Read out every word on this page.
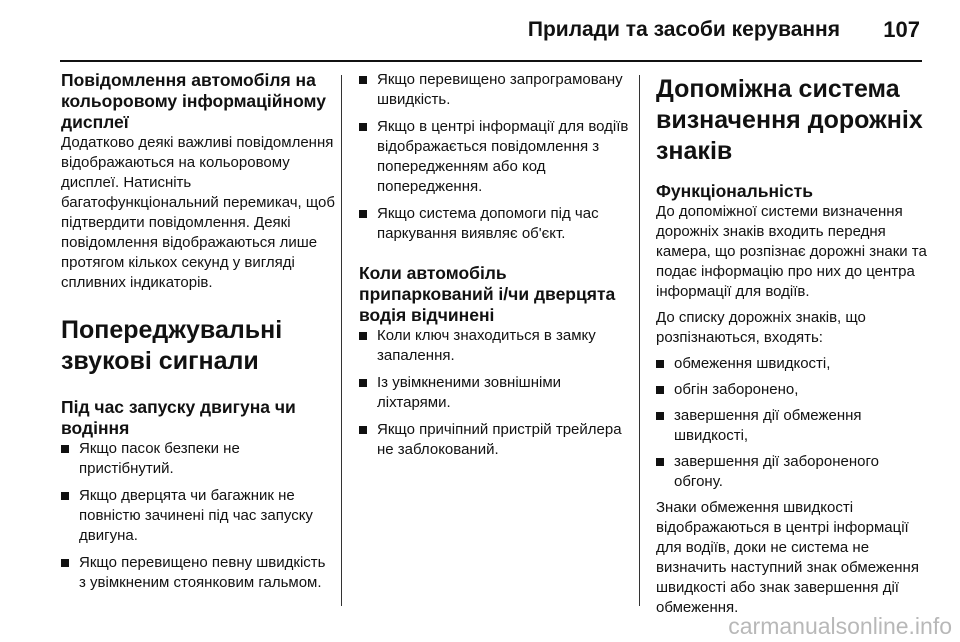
Прилади та засоби керування	107
Повідомлення автомобіля на кольоровому інформаційному дисплеї

Додатково деякі важливі повідомлення відображаються на кольоровому дисплеї. Натисніть багатофункціональний перемикач, щоб підтвердити повідомлення. Деякі повідомлення відображаються лише протягом кількох секунд у вигляді спливних індикаторів.

Попереджувальні звукові сигнали
Під час запуску двигуна чи водіння
Якщо пасок безпеки не пристібнутий.
Якщо дверцята чи багажник не повністю зачинені під час запуску двигуна.
Якщо перевищено певну швидкість з увімкненим стоянковим гальмом.
Якщо перевищено запрограмовану швидкість.
Якщо в центрі інформації для водіїв відображається повідомлення з попередженням або код попередження.
Якщо система допомоги під час паркування виявляє об'єкт.
Коли автомобіль припаркований і/чи дверцята водія відчинені
Коли ключ знаходиться в замку запалення.
Із увімкненими зовнішніми ліхтарями.
Якщо причіпний пристрій трейлера не заблокований.
Допоміжна система визначення дорожніх знаків
Функціональність

До допоміжної системи визначення дорожніх знаків входить передня камера, що розпізнає дорожні знаки та подає інформацію про них до центра інформації для водіїв.

До списку дорожніх знаків, що розпізнаються, входять:

обмеження швидкості,
обгін заборонено,
завершення дії обмеження швидкості,
завершення дії забороненого обгону.

Знаки обмеження швидкості відображаються в центрі інформації для водіїв, доки не система не визначить наступний знак обмеження швидкості або знак завершення дії обмеження.

carmanualsonline.info
